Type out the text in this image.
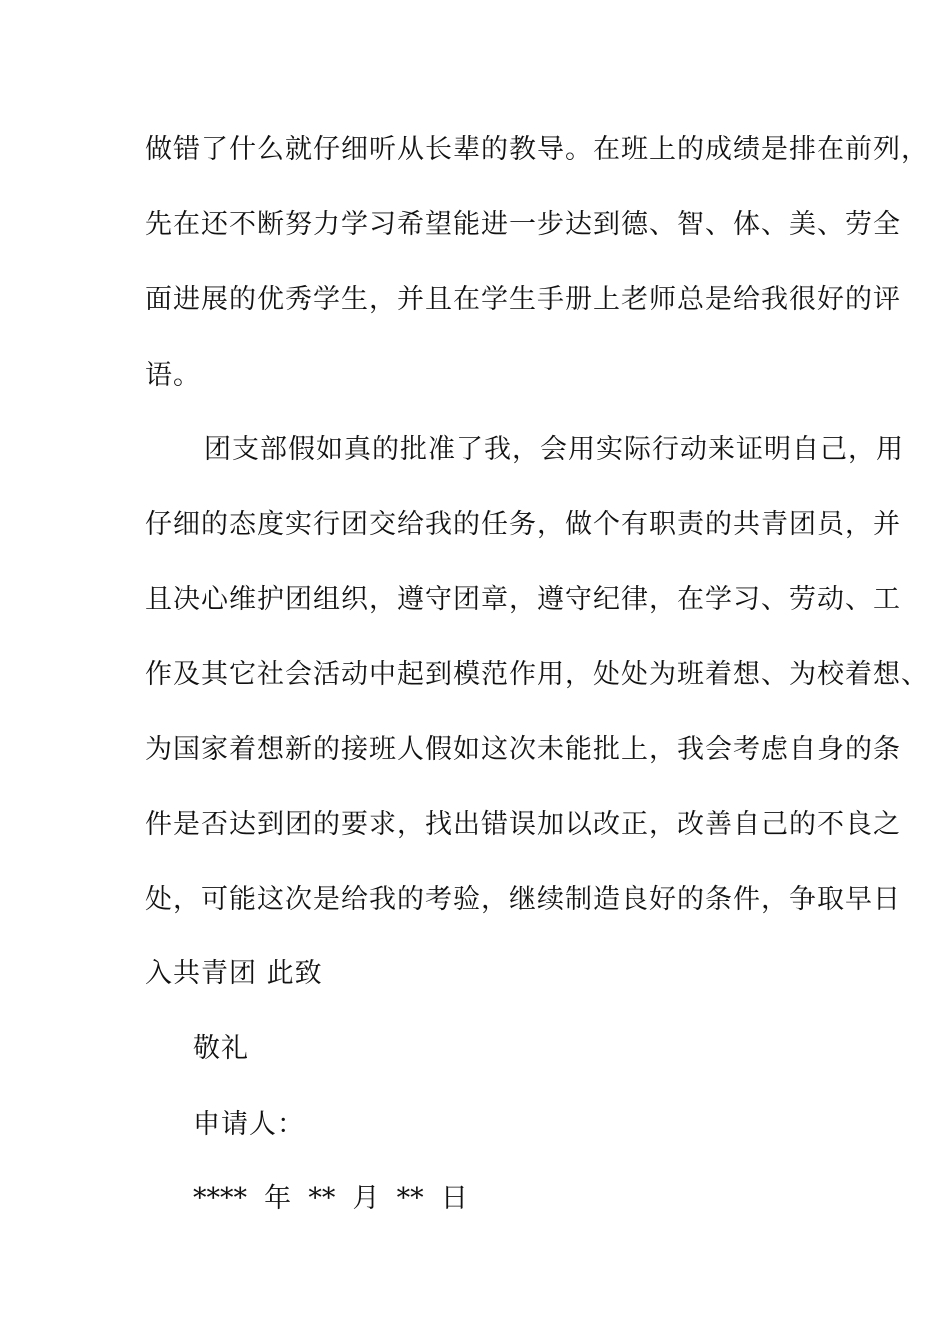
做错了什么就仔细听从长辈的教导。在班上的成绩是排在前列，
先在还不断努力学习希望能进一步达到德、智、体、美、劳全
面进展的优秀学生，并且在学生手册上老师总是给我很好的评
语。
团支部假如真的批准了我，会用实际行动来证明自己，用
仔细的态度实行团交给我的任务，做个有职责的共青团员，并
且决心维护团组织，遵守团章，遵守纪律，在学习、劳动、工
作及其它社会活动中起到模范作用，处处为班着想、为校着想、
为国家着想新的接班人假如这次未能批上，我会考虑自身的条
件是否达到团的要求，找出错误加以改正，改善自己的不良之
处，可能这次是给我的考验，继续制造良好的条件，争取早日
入共青团 此致
敬礼
申请人：
****  年  **  月  **  日
